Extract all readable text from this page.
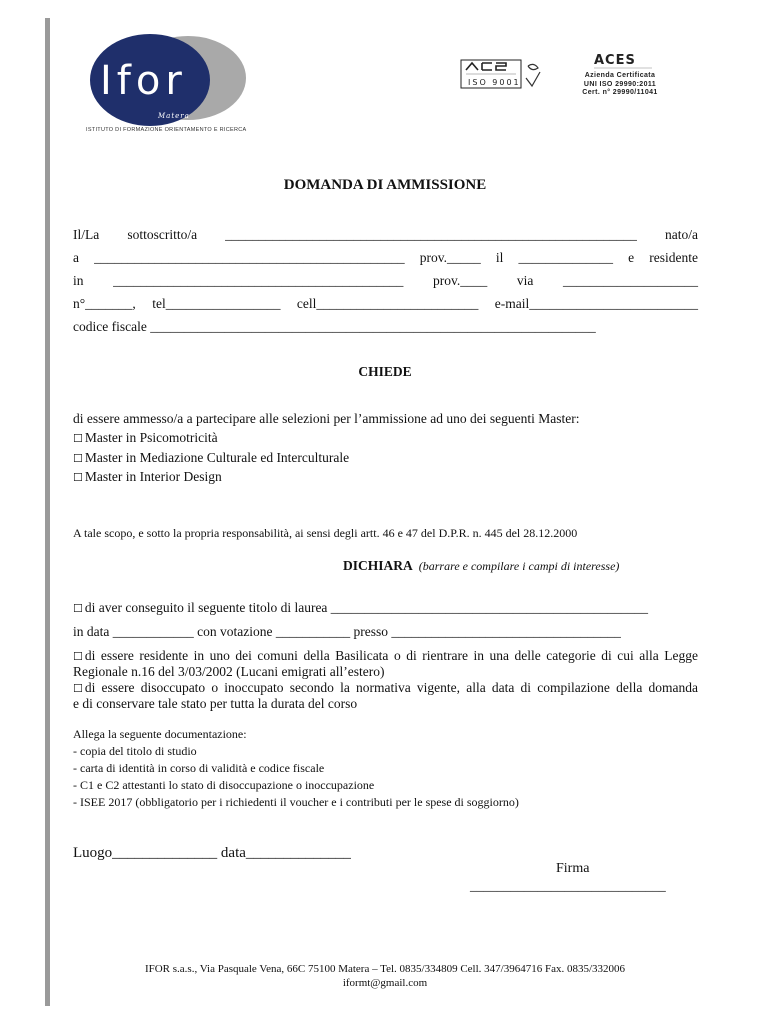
Ifor
Matera
ISTITUTO DI FORMAZIONE ORIENTAMENTO E RICERCA
ISO 9001
ACES
Azienda Certificata
UNI ISO 29990:2011
Cert. n° 29990/11041
DOMANDA DI AMMISSIONE
Il/La sottoscritto/a _____________________________________________________________ nato/a
a ______________________________________________ prov._____ il ______________ e residente
in ___________________________________________ prov.____ via ____________________
n°_______, tel_________________ cell________________________ e-mail_________________________
codice fiscale __________________________________________________________________
CHIEDE
di essere ammesso/a a partecipare alle selezioni per l’ammissione ad uno dei seguenti Master:
☐ Master in Psicomotricità
☐ Master in Mediazione Culturale ed Interculturale
☐ Master in Interior Design
A tale scopo, e sotto la propria responsabilità, ai sensi degli artt. 46 e 47 del D.P.R. n. 445 del 28.12.2000
DICHIARA (barrare e compilare i campi di interesse)
☐ di aver conseguito il seguente titolo di laurea _______________________________________________
in data ____________ con votazione ___________ presso __________________________________
☐ di essere residente in uno dei comuni della Basilicata o di rientrare in una delle categorie di cui alla Legge
Regionale n.16 del 3/03/2002 (Lucani emigrati all’estero)
☐ di essere disoccupato o inoccupato secondo la normativa vigente, alla data di compilazione della domanda
e di conservare tale stato per tutta la durata del corso
Allega la seguente documentazione:
- copia del titolo di studio
- carta di identità in corso di validità e codice fiscale
- C1 e C2 attestanti lo stato di disoccupazione o inoccupazione
- ISEE 2017 (obbligatorio per i richiedenti il voucher e i contributi per le spese di soggiorno)
Luogo______________ data______________
Firma
_____________________________
IFOR s.a.s., Via Pasquale Vena, 66C 75100 Matera – Tel. 0835/334809 Cell. 347/3964716 Fax. 0835/332006
iformt@gmail.com
